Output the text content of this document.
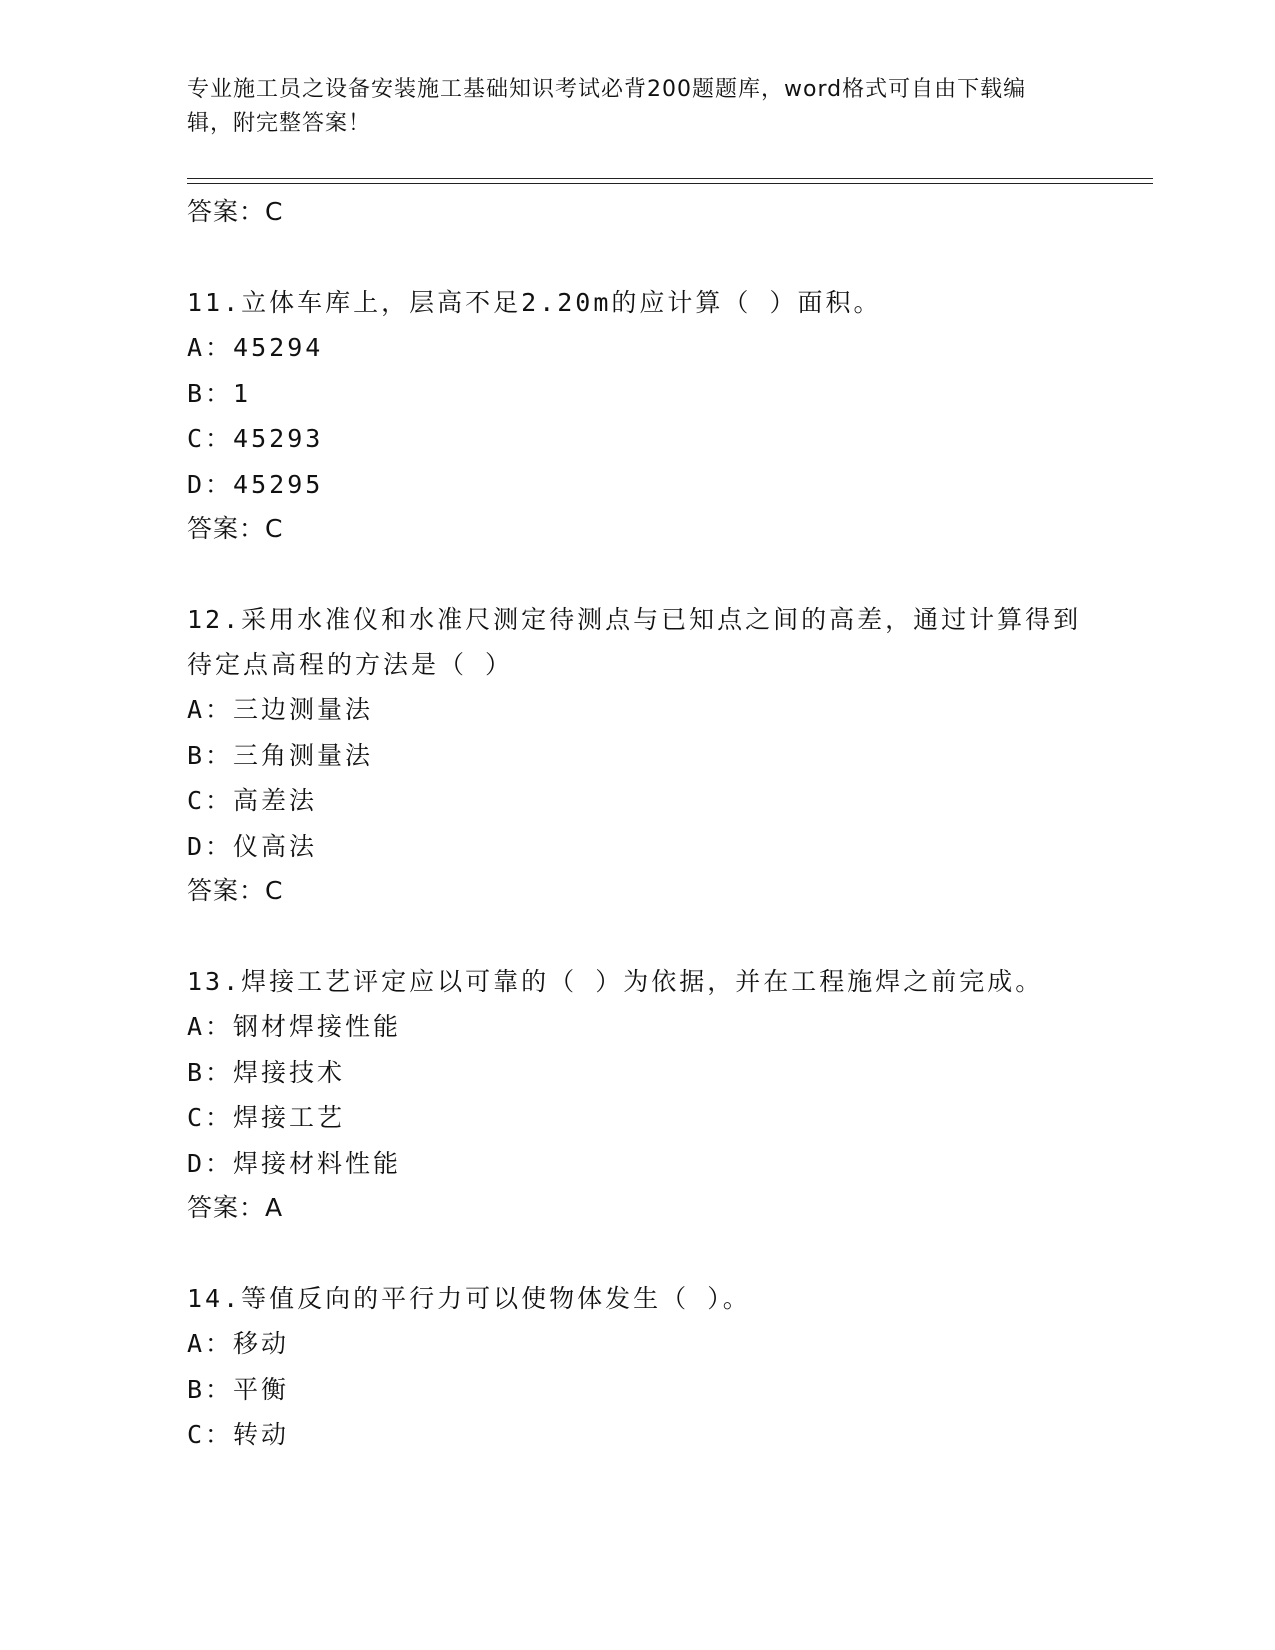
专业施工员之设备安装施工基础知识考试必背200题题库，word格式可自由下载编辑，附完整答案！
答案：C
11.立体车库上，层高不足2.20m的应计算（ ）面积。
A：45294
B：1
C：45293
D：45295
答案：C
12.采用水准仪和水准尺测定待测点与已知点之间的高差，通过计算得到待定点高程的方法是（ ）
A：三边测量法
B：三角测量法
C：高差法
D：仪高法
答案：C
13.焊接工艺评定应以可靠的（ ）为依据，并在工程施焊之前完成。
A：钢材焊接性能
B：焊接技术
C：焊接工艺
D：焊接材料性能
答案：A
14.等值反向的平行力可以使物体发生（ ）。
A：移动
B：平衡
C：转动
